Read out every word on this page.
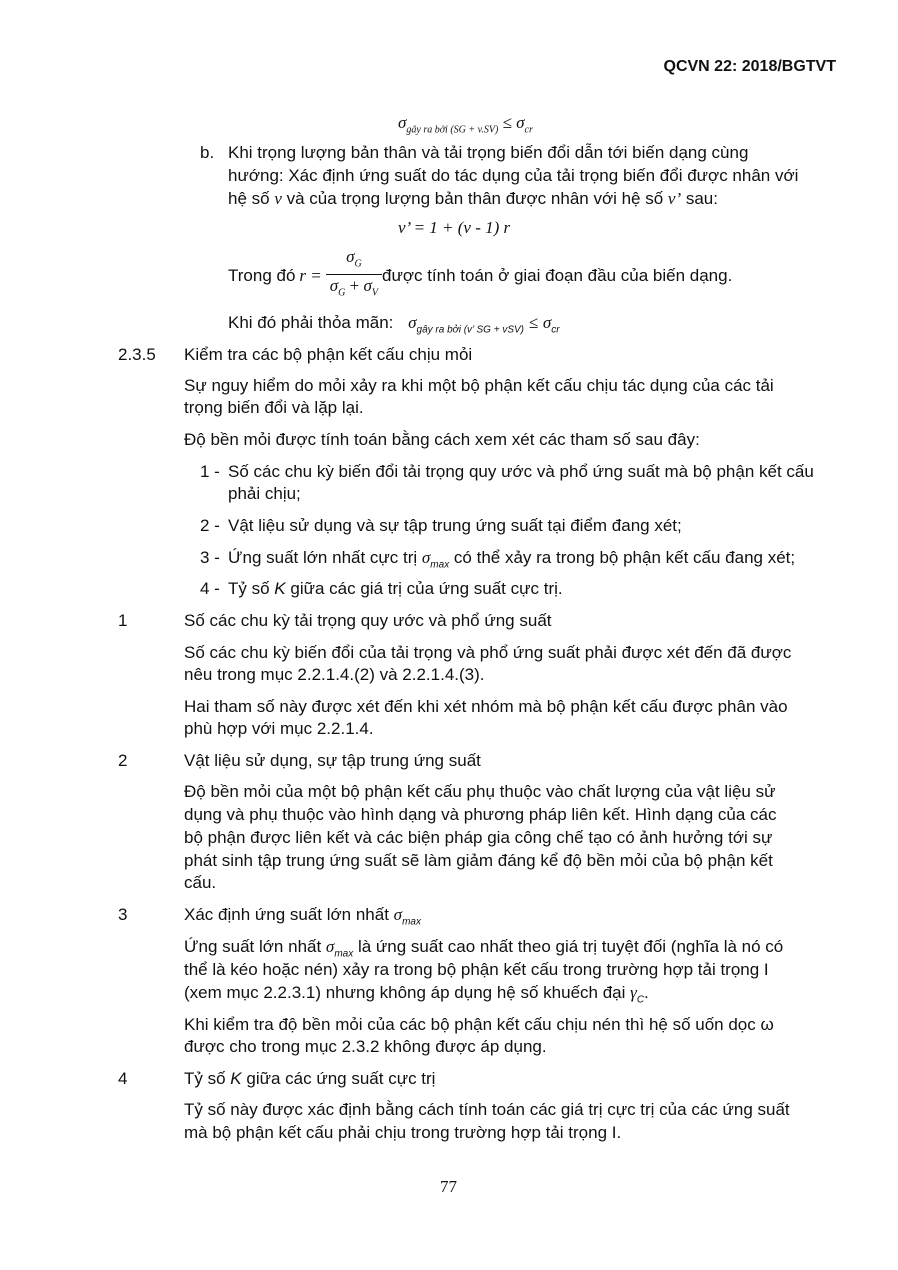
QCVN 22: 2018/BGTVT
$\sigma_{gây ra bởi (SG + v.SV)} \le \sigma_{cr}$
b. Khi trọng lượng bản thân và tải trọng biến đổi dẫn tới biến dạng cùng
hướng: Xác định ứng suất do tác dụng của tải trọng biến đổi được nhân với
hệ số v và của trọng lượng bản thân được nhân với hệ số v’ sau:
v’ = 1 + (v - 1) r
Trong đó $r = \frac{\sigma_G}{\sigma_G + \sigma_V}$ được tính toán ở giai đoạn đầu của biến dạng.
Khi đó phải thỏa mãn: $\sigma_{gây ra bởi (v’ SG + vSV)} \le \sigma_{cr}$
2.3.5 Kiểm tra các bộ phận kết cấu chịu mỏi
Sự nguy hiểm do mỏi xảy ra khi một bộ phận kết cấu chịu tác dụng của các tải
trọng biến đổi và lặp lại.
Độ bền mỏi được tính toán bằng cách xem xét các tham số sau đây:
1 - Số các chu kỳ biến đổi tải trọng quy ước và phổ ứng suất mà bộ phận kết cấu
phải chịu;
2 - Vật liệu sử dụng và sự tập trung ứng suất tại điểm đang xét;
3 - Ứng suất lớn nhất cực trị $\sigma_{max}$ có thể xảy ra trong bộ phận kết cấu đang xét;
4 - Tỷ số K giữa các giá trị của ứng suất cực trị.
1	Số các chu kỳ tải trọng quy ước và phổ ứng suất
Số các chu kỳ biến đổi của tải trọng và phổ ứng suất phải được xét đến đã được
nêu trong mục 2.2.1.4.(2) và 2.2.1.4.(3).
Hai tham số này được xét đến khi xét nhóm mà bộ phận kết cấu được phân vào
phù hợp với mục 2.2.1.4.
2	Vật liệu sử dụng, sự tập trung ứng suất
Độ bền mỏi của một bộ phận kết cấu phụ thuộc vào chất lượng của vật liệu sử
dụng và phụ thuộc vào hình dạng và phương pháp liên kết. Hình dạng của các
bộ phận được liên kết và các biện pháp gia công chế tạo có ảnh hưởng tới sự
phát sinh tập trung ứng suất sẽ làm giảm đáng kể độ bền mỏi của bộ phận kết
cấu.
3	Xác định ứng suất lớn nhất $\sigma_{max}$
Ứng suất lớn nhất $\sigma_{max}$ là ứng suất cao nhất theo giá trị tuyệt đối (nghĩa là nó có
thể là kéo hoặc nén) xảy ra trong bộ phận kết cấu trong trường hợp tải trọng I
(xem mục 2.2.3.1) nhưng không áp dụng hệ số khuếch đại $\gamma_C$.
Khi kiểm tra độ bền mỏi của các bộ phận kết cấu chịu nén thì hệ số uốn dọc ω
được cho trong mục 2.3.2 không được áp dụng.
4	Tỷ số K giữa các ứng suất cực trị
Tỷ số này được xác định bằng cách tính toán các giá trị cực trị của các ứng suất
mà bộ phận kết cấu phải chịu trong trường hợp tải trọng I.
77
